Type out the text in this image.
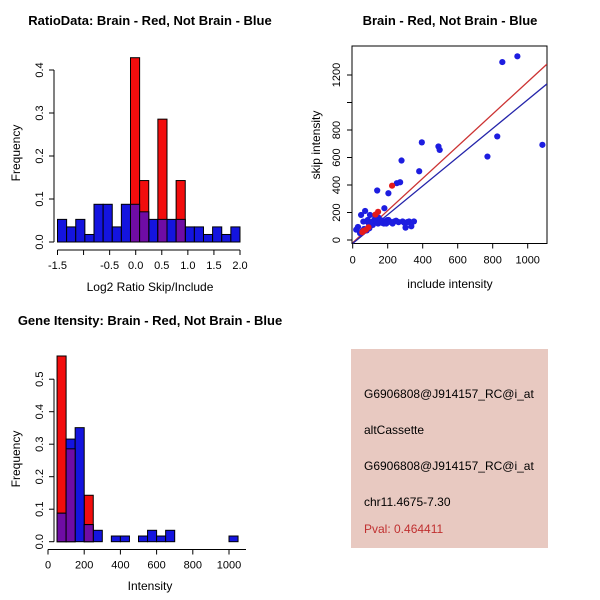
0.0
0.1
0.2
0.3
0.4
-1.5	-0.5 0.0 0.5 1.0 1.5 2.0
RatioData: Brain - Red, Not Brain - Blue
Log2 Ratio Skip/Include
Frequency
0 200 400 600 800 1000
0
200
400
600
800
1200
Brain - Red, Not Brain - Blue
include intensity
skip intensity
0.0
0.1
0.2
0.3
0.4
0.5
0 200 400 600 800 1000
Gene Itensity: Brain - Red, Not Brain - Blue
Intensity
Frequency
G6906808@J914157_RC@i_at
altCassette
G6906808@J914157_RC@i_at
chr11.4675-7.30
Pval: 0.464411
